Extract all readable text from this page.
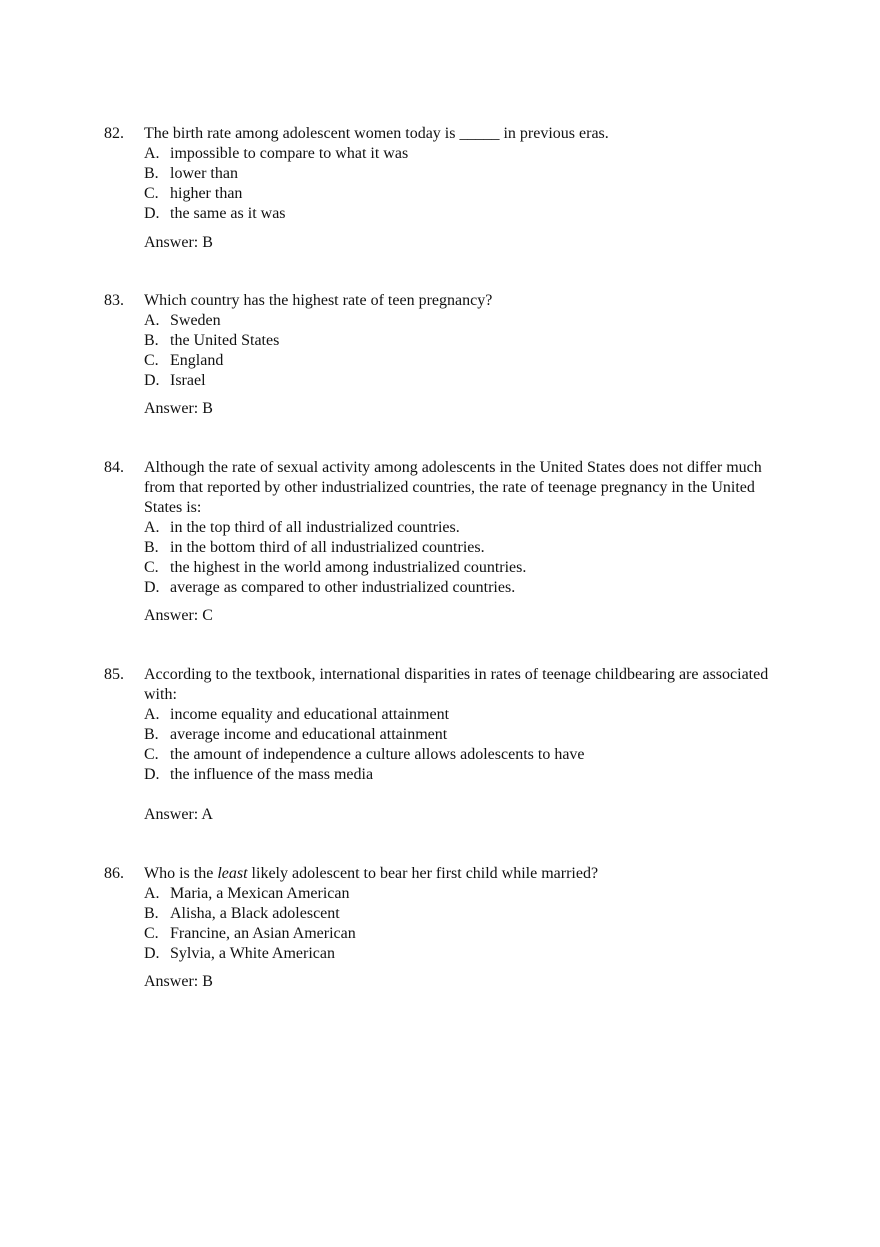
82. The birth rate among adolescent women today is _____ in previous eras.
A. impossible to compare to what it was
B. lower than
C. higher than
D. the same as it was
Answer: B
83. Which country has the highest rate of teen pregnancy?
A. Sweden
B. the United States
C. England
D. Israel
Answer: B
84. Although the rate of sexual activity among adolescents in the United States does not differ much from that reported by other industrialized countries, the rate of teenage pregnancy in the United States is:
A. in the top third of all industrialized countries.
B. in the bottom third of all industrialized countries.
C. the highest in the world among industrialized countries.
D. average as compared to other industrialized countries.
Answer: C
85. According to the textbook, international disparities in rates of teenage childbearing are associated with:
A. income equality and educational attainment
B. average income and educational attainment
C. the amount of independence a culture allows adolescents to have
D. the influence of the mass media
Answer: A
86. Who is the least likely adolescent to bear her first child while married?
A. Maria, a Mexican American
B. Alisha, a Black adolescent
C. Francine, an Asian American
D. Sylvia, a White American
Answer: B
